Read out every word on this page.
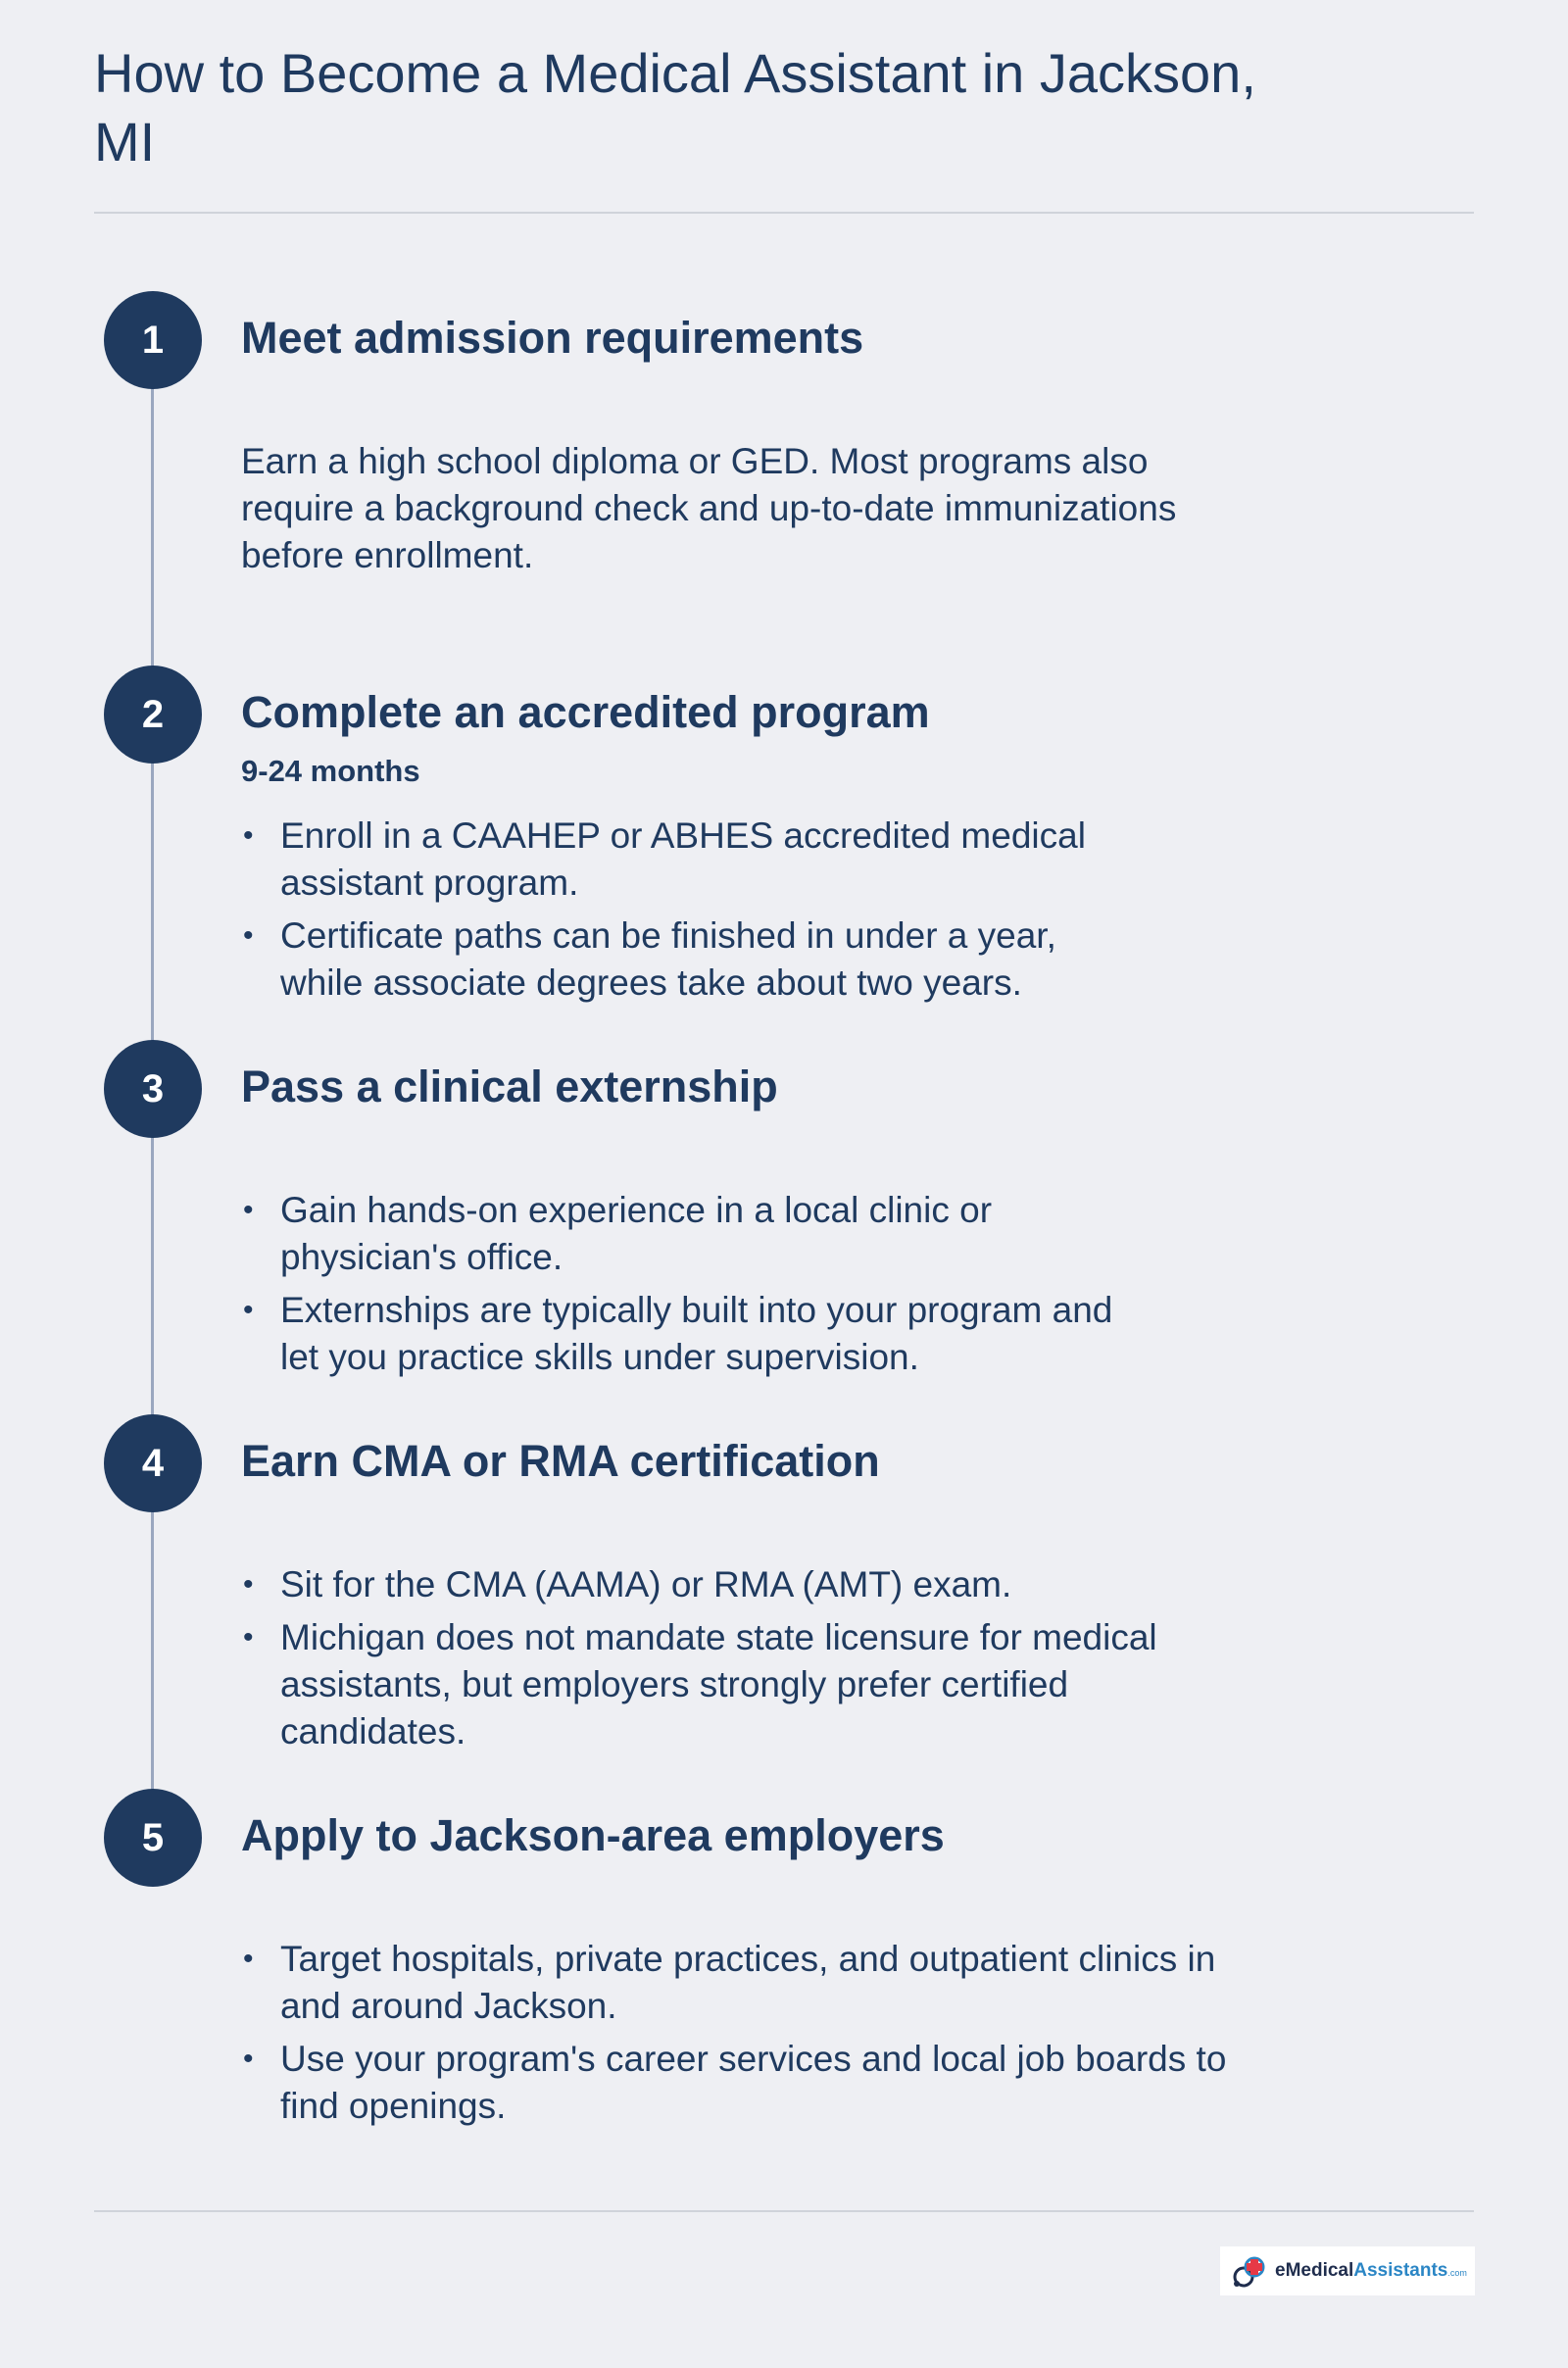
How to Become a Medical Assistant in Jackson, MI
1	Meet admission requirements

Earn a high school diploma or GED. Most programs also require a background check and up-to-date immunizations before enrollment.

2	Complete an accredited program
9-24 months
• Enroll in a CAAHEP or ABHES accredited medical assistant program.
• Certificate paths can be finished in under a year, while associate degrees take about two years.
3	Pass a clinical externship
• Gain hands-on experience in a local clinic or physician's office.
• Externships are typically built into your program and let you practice skills under supervision.
4	Earn CMA or RMA certification
• Sit for the CMA (AAMA) or RMA (AMT) exam.
• Michigan does not mandate state licensure for medical assistants, but employers strongly prefer certified candidates.
5	Apply to Jackson-area employers
• Target hospitals, private practices, and outpatient clinics in and around Jackson.
• Use your program's career services and local job boards to find openings.
eMedicalAssistants.com
